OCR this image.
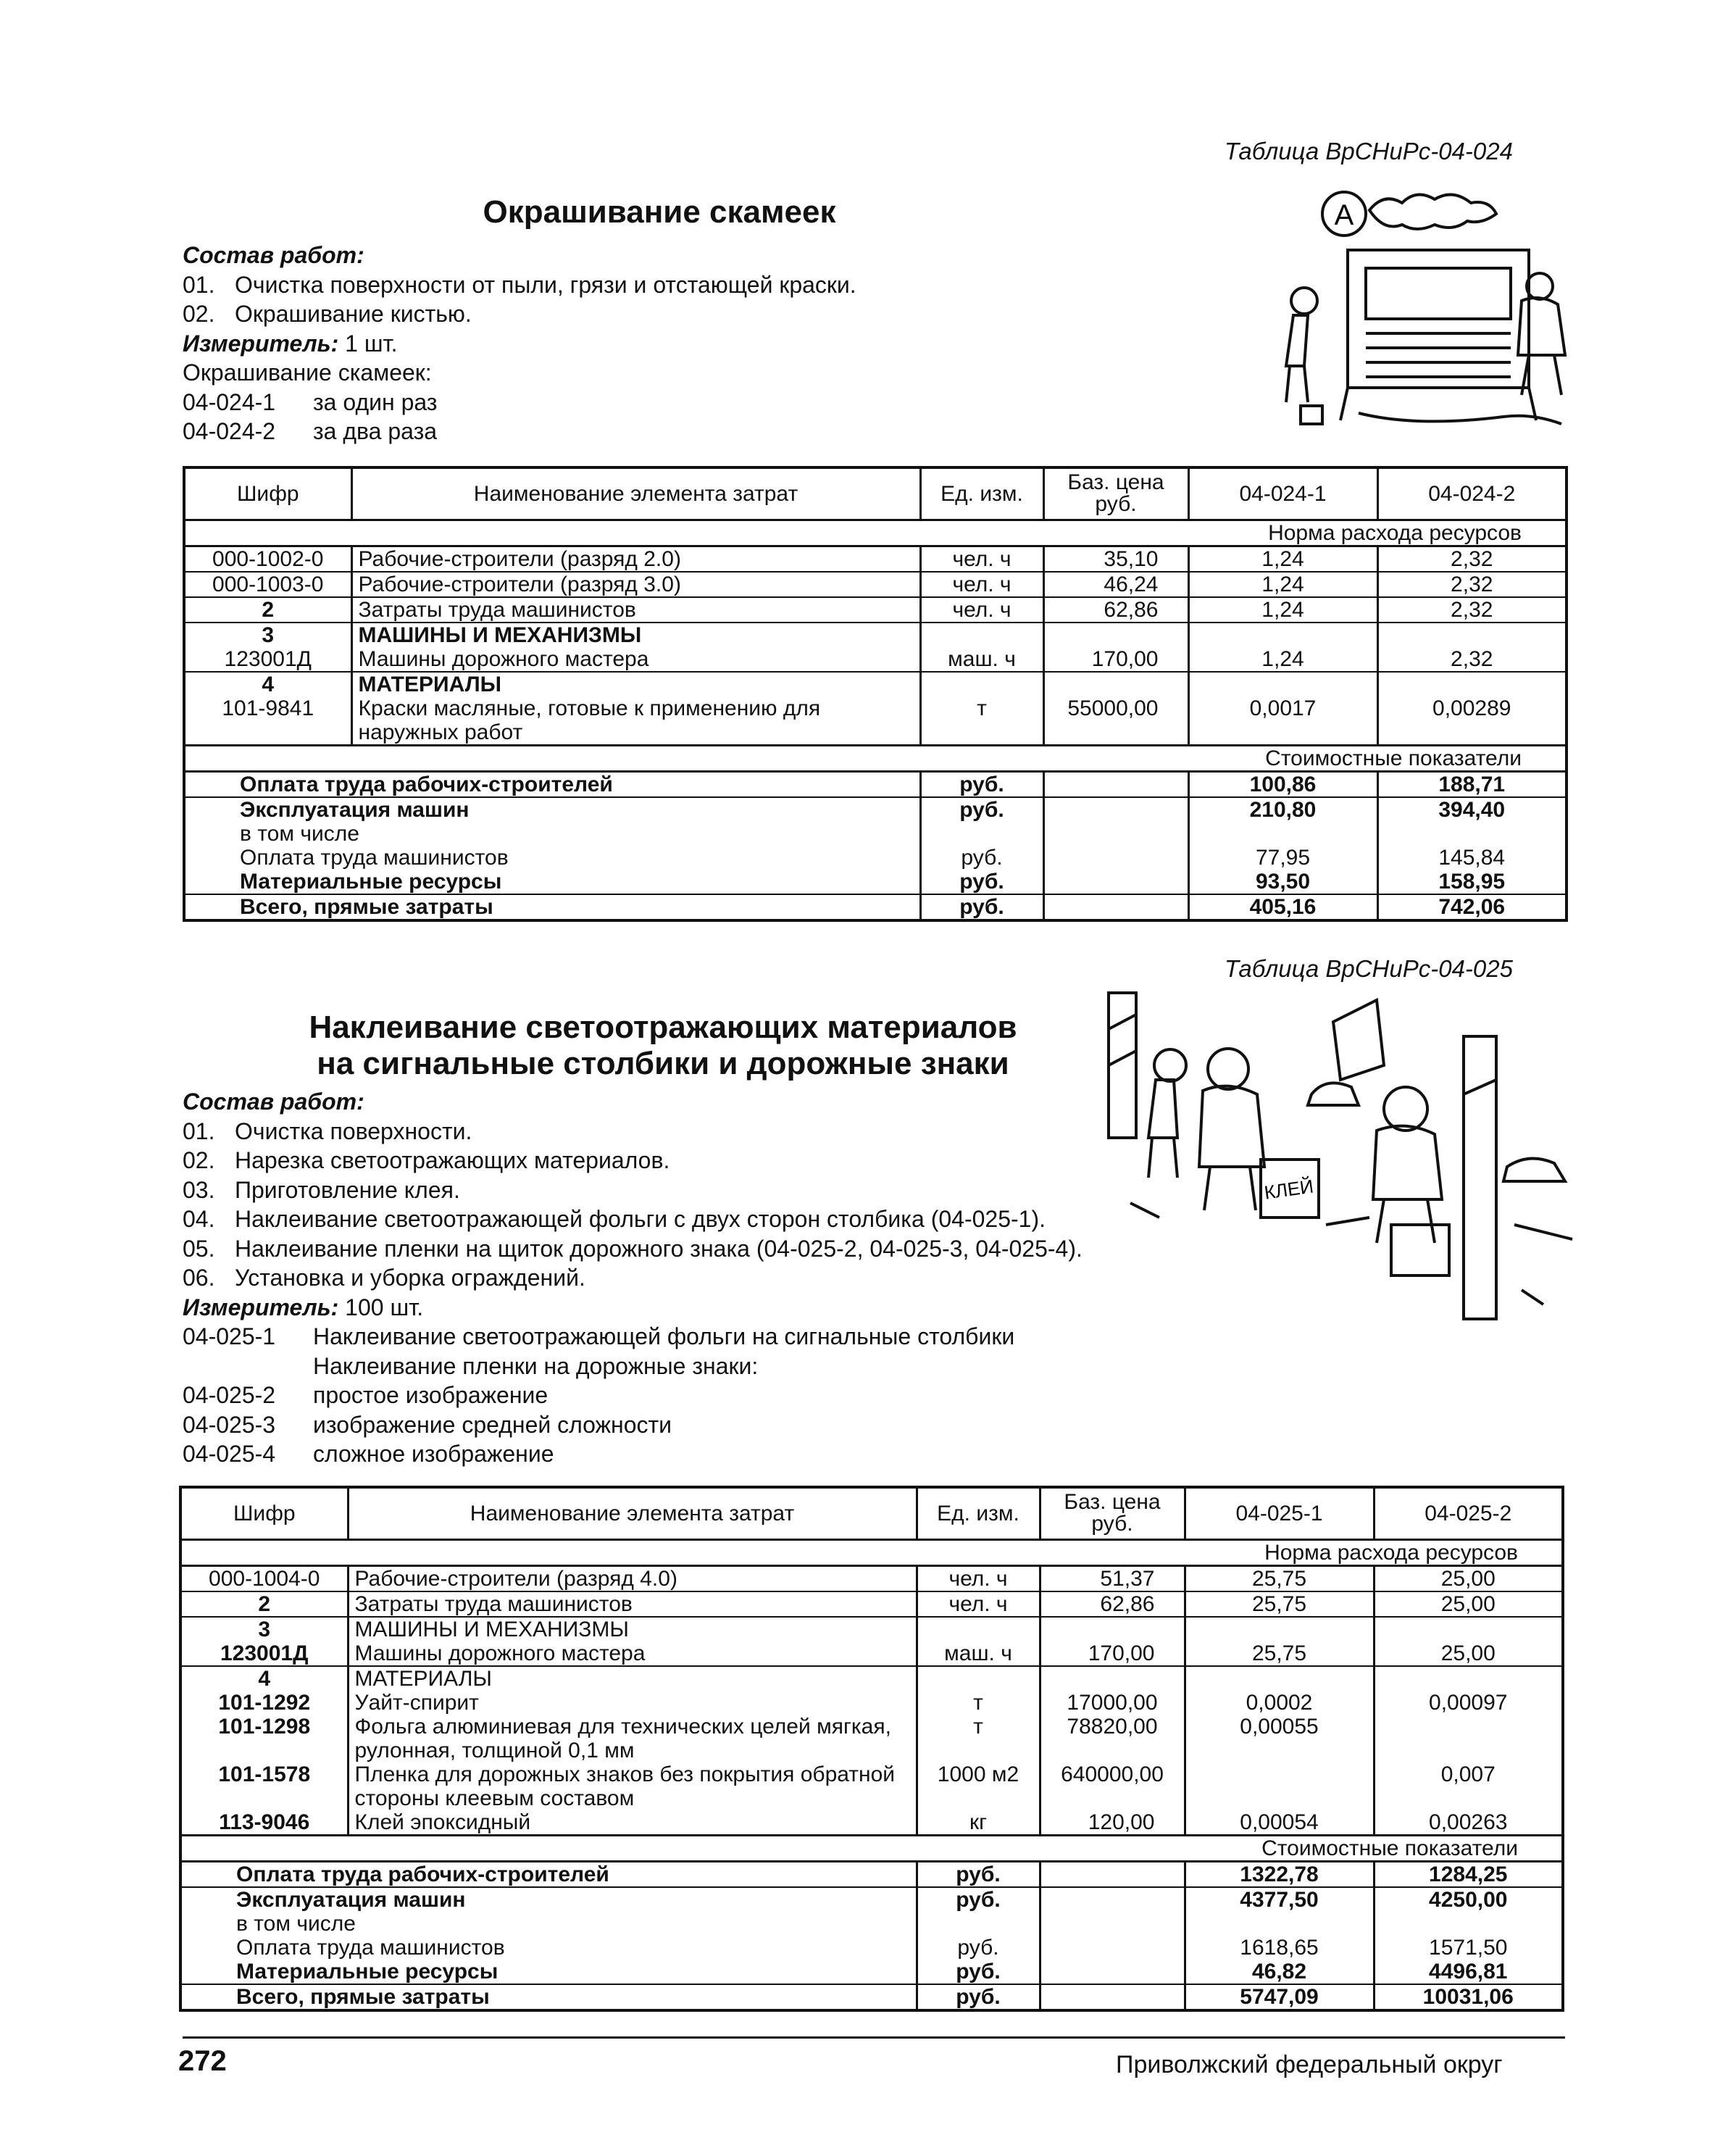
Таблица ВрСНиРс-04-024
Окрашивание скамеек
Состав работ:
01. Очистка поверхности от пыли, грязи и отстающей краски.
02. Окрашивание кистью.
Измеритель: 1 шт.
Окрашивание скамеек:
04-024-1 за один раз
04-024-2 за два раза
A
Шифр	Наименование элемента затрат	Ед. изм.	Баз. цена руб.	04-024-1	04-024-2
Норма расхода ресурсов					
000-1002-0	Рабочие-строители (разряд 2.0)	чел. ч	35,10	1,24	2,32
000-1003-0	Рабочие-строители (разряд 3.0)	чел. ч	46,24	1,24	2,32
2	Затраты труда машинистов	чел. ч	62,86	1,24	2,32
3	МАШИНЫ И МЕХАНИЗМЫ				
123001Д	Машины дорожного мастера	маш. ч	170,00	1,24	2,32
4	МАТЕРИАЛЫ				
101-9841	Краски масляные, готовые к применению для наружных работ	т	55000,00	0,0017	0,00289
Стоимостные показатели					
Оплата труда рабочих-строителей		руб.		100,86	188,71
Эксплуатация машин		руб.		210,80	394,40
в том числе					
Оплата труда машинистов		руб.		77,95	145,84
Материальные ресурсы		руб.		93,50	158,95
Всего, прямые затраты		руб.		405,16	742,06
Таблица ВрСНиРс-04-025
Наклеивание светоотражающих материалов
на сигнальные столбики и дорожные знаки
Состав работ:
01. Очистка поверхности.
02. Нарезка светоотражающих материалов.
03. Приготовление клея.
04. Наклеивание светоотражающей фольги с двух сторон столбика (04-025-1).
05. Наклеивание пленки на щиток дорожного знака (04-025-2, 04-025-3, 04-025-4).
06. Установка и уборка ограждений.
Измеритель: 100 шт.
04-025-1 Наклеивание светоотражающей фольги на сигнальные столбики
Наклеивание пленки на дорожные знаки:
04-025-2 простое изображение
04-025-3 изображение средней сложности
04-025-4 сложное изображение
КЛЕЙ
Шифр	Наименование элемента затрат	Ед. изм.	Баз. цена руб.	04-025-1	04-025-2
Норма расхода ресурсов					
000-1004-0	Рабочие-строители (разряд 4.0)	чел. ч	51,37	25,75	25,00
2	Затраты труда машинистов	чел. ч	62,86	25,75	25,00
3	МАШИНЫ И МЕХАНИЗМЫ				
123001Д	Машины дорожного мастера	маш. ч	170,00	25,75	25,00
4	МАТЕРИАЛЫ				
101-1292	Уайт-спирит	т	17000,00	0,0002	0,00097
101-1298	Фольга алюминиевая для технических целей мягкая, рулонная, толщиной 0,1 мм	т	78820,00	0,00055	
101-1578	Пленка для дорожных знаков без покрытия обратной стороны клеевым составом	1000 м2	640000,00		0,007
113-9046	Клей эпоксидный	кг	120,00	0,00054	0,00263
Стоимостные показатели					
Оплата труда рабочих-строителей		руб.		1322,78	1284,25
Эксплуатация машин		руб.		4377,50	4250,00
в том числе					
Оплата труда машинистов		руб.		1618,65	1571,50
Материальные ресурсы		руб.		46,82	4496,81
Всего, прямые затраты		руб.		5747,09	10031,06
272	Приволжский федеральный округ
